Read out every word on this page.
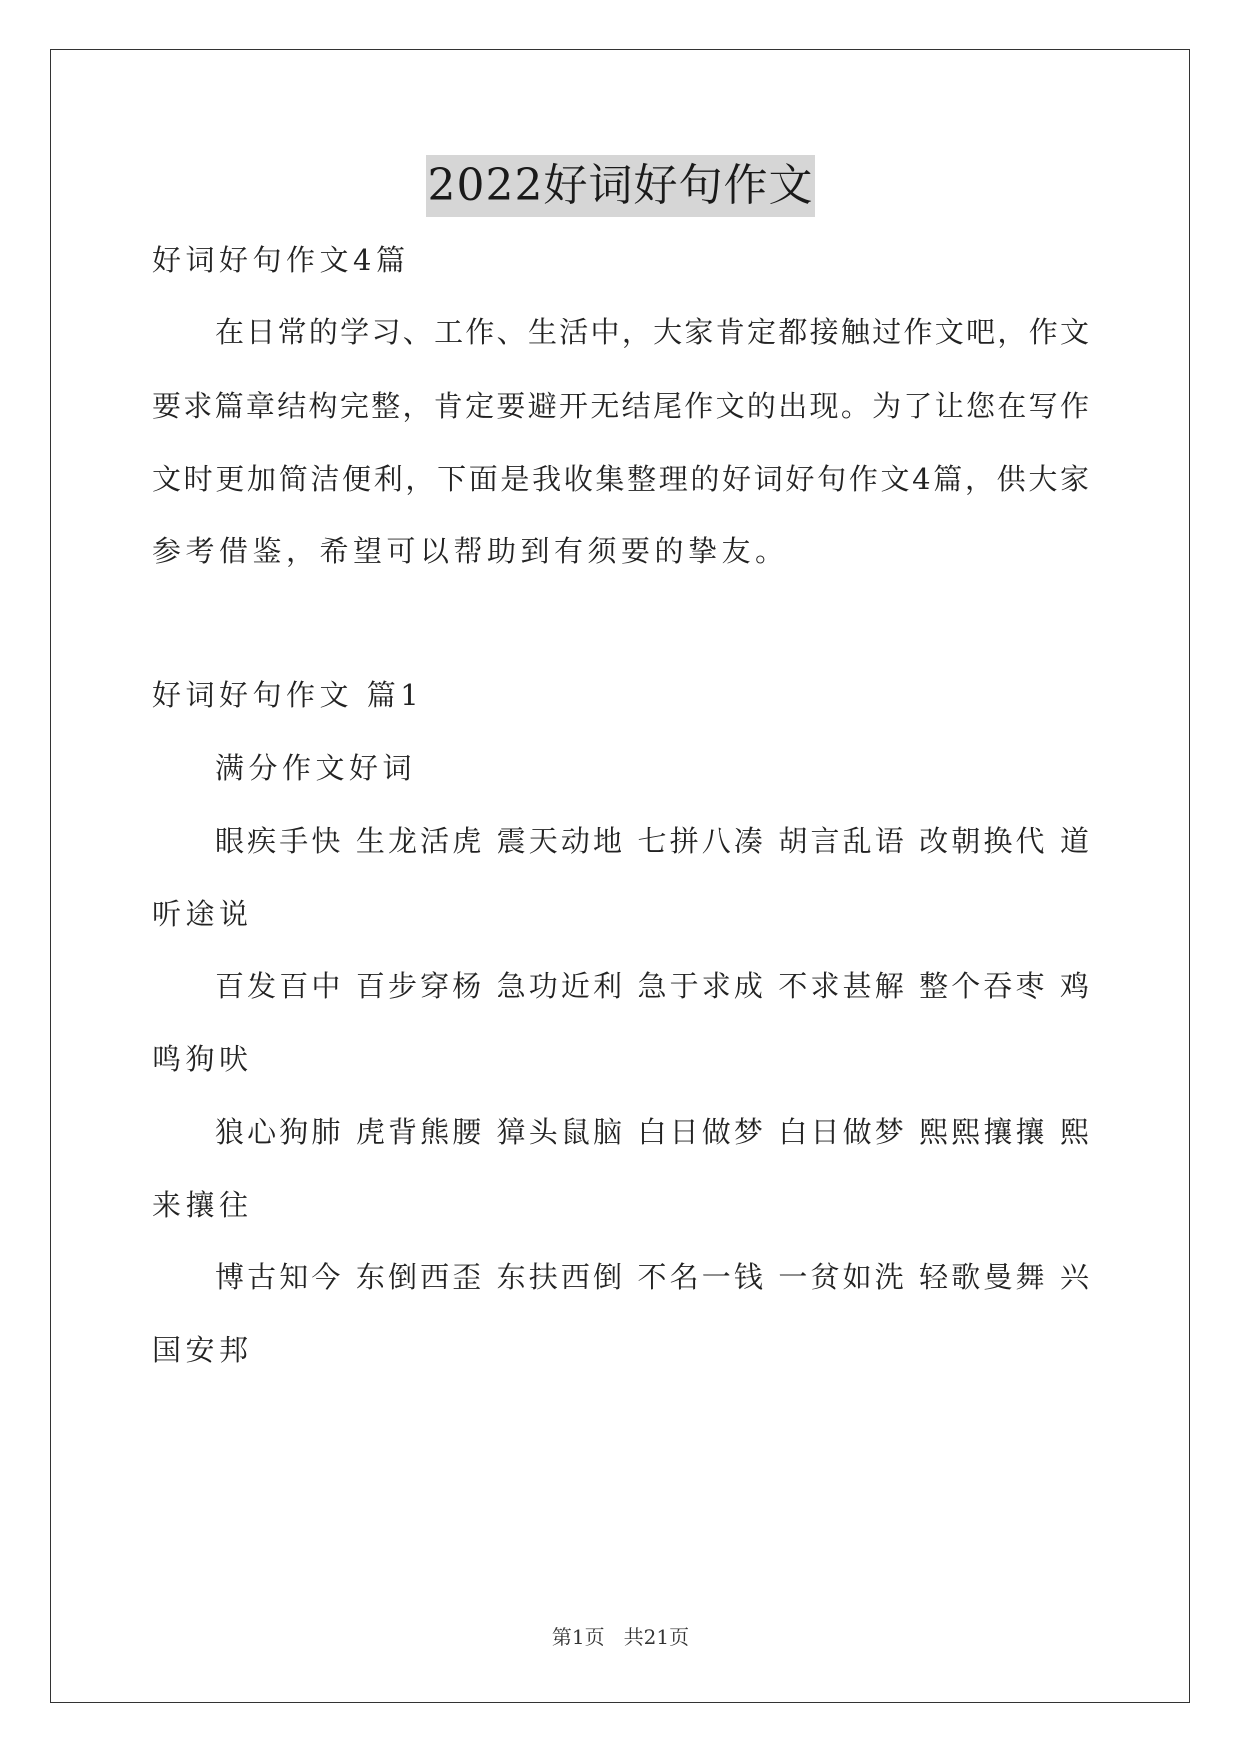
2022好词好句作文
好词好句作文4篇
在日常的学习、工作、生活中，大家肯定都接触过作文吧，作文
要求篇章结构完整，肯定要避开无结尾作文的出现。为了让您在写作
文时更加简洁便利，下面是我收集整理的好词好句作文4篇，供大家
参考借鉴，希望可以帮助到有须要的挚友。
好词好句作文 篇1
满分作文好词
眼疾手快 生龙活虎 震天动地 七拼八凑 胡言乱语 改朝换代 道
听途说
百发百中 百步穿杨 急功近利 急于求成 不求甚解 整个吞枣 鸡
鸣狗吠
狼心狗肺 虎背熊腰 獐头鼠脑 白日做梦 白日做梦 熙熙攘攘 熙
来攘往
博古知今 东倒西歪 东扶西倒 不名一钱 一贫如洗 轻歌曼舞 兴
国安邦
第1页   共21页
